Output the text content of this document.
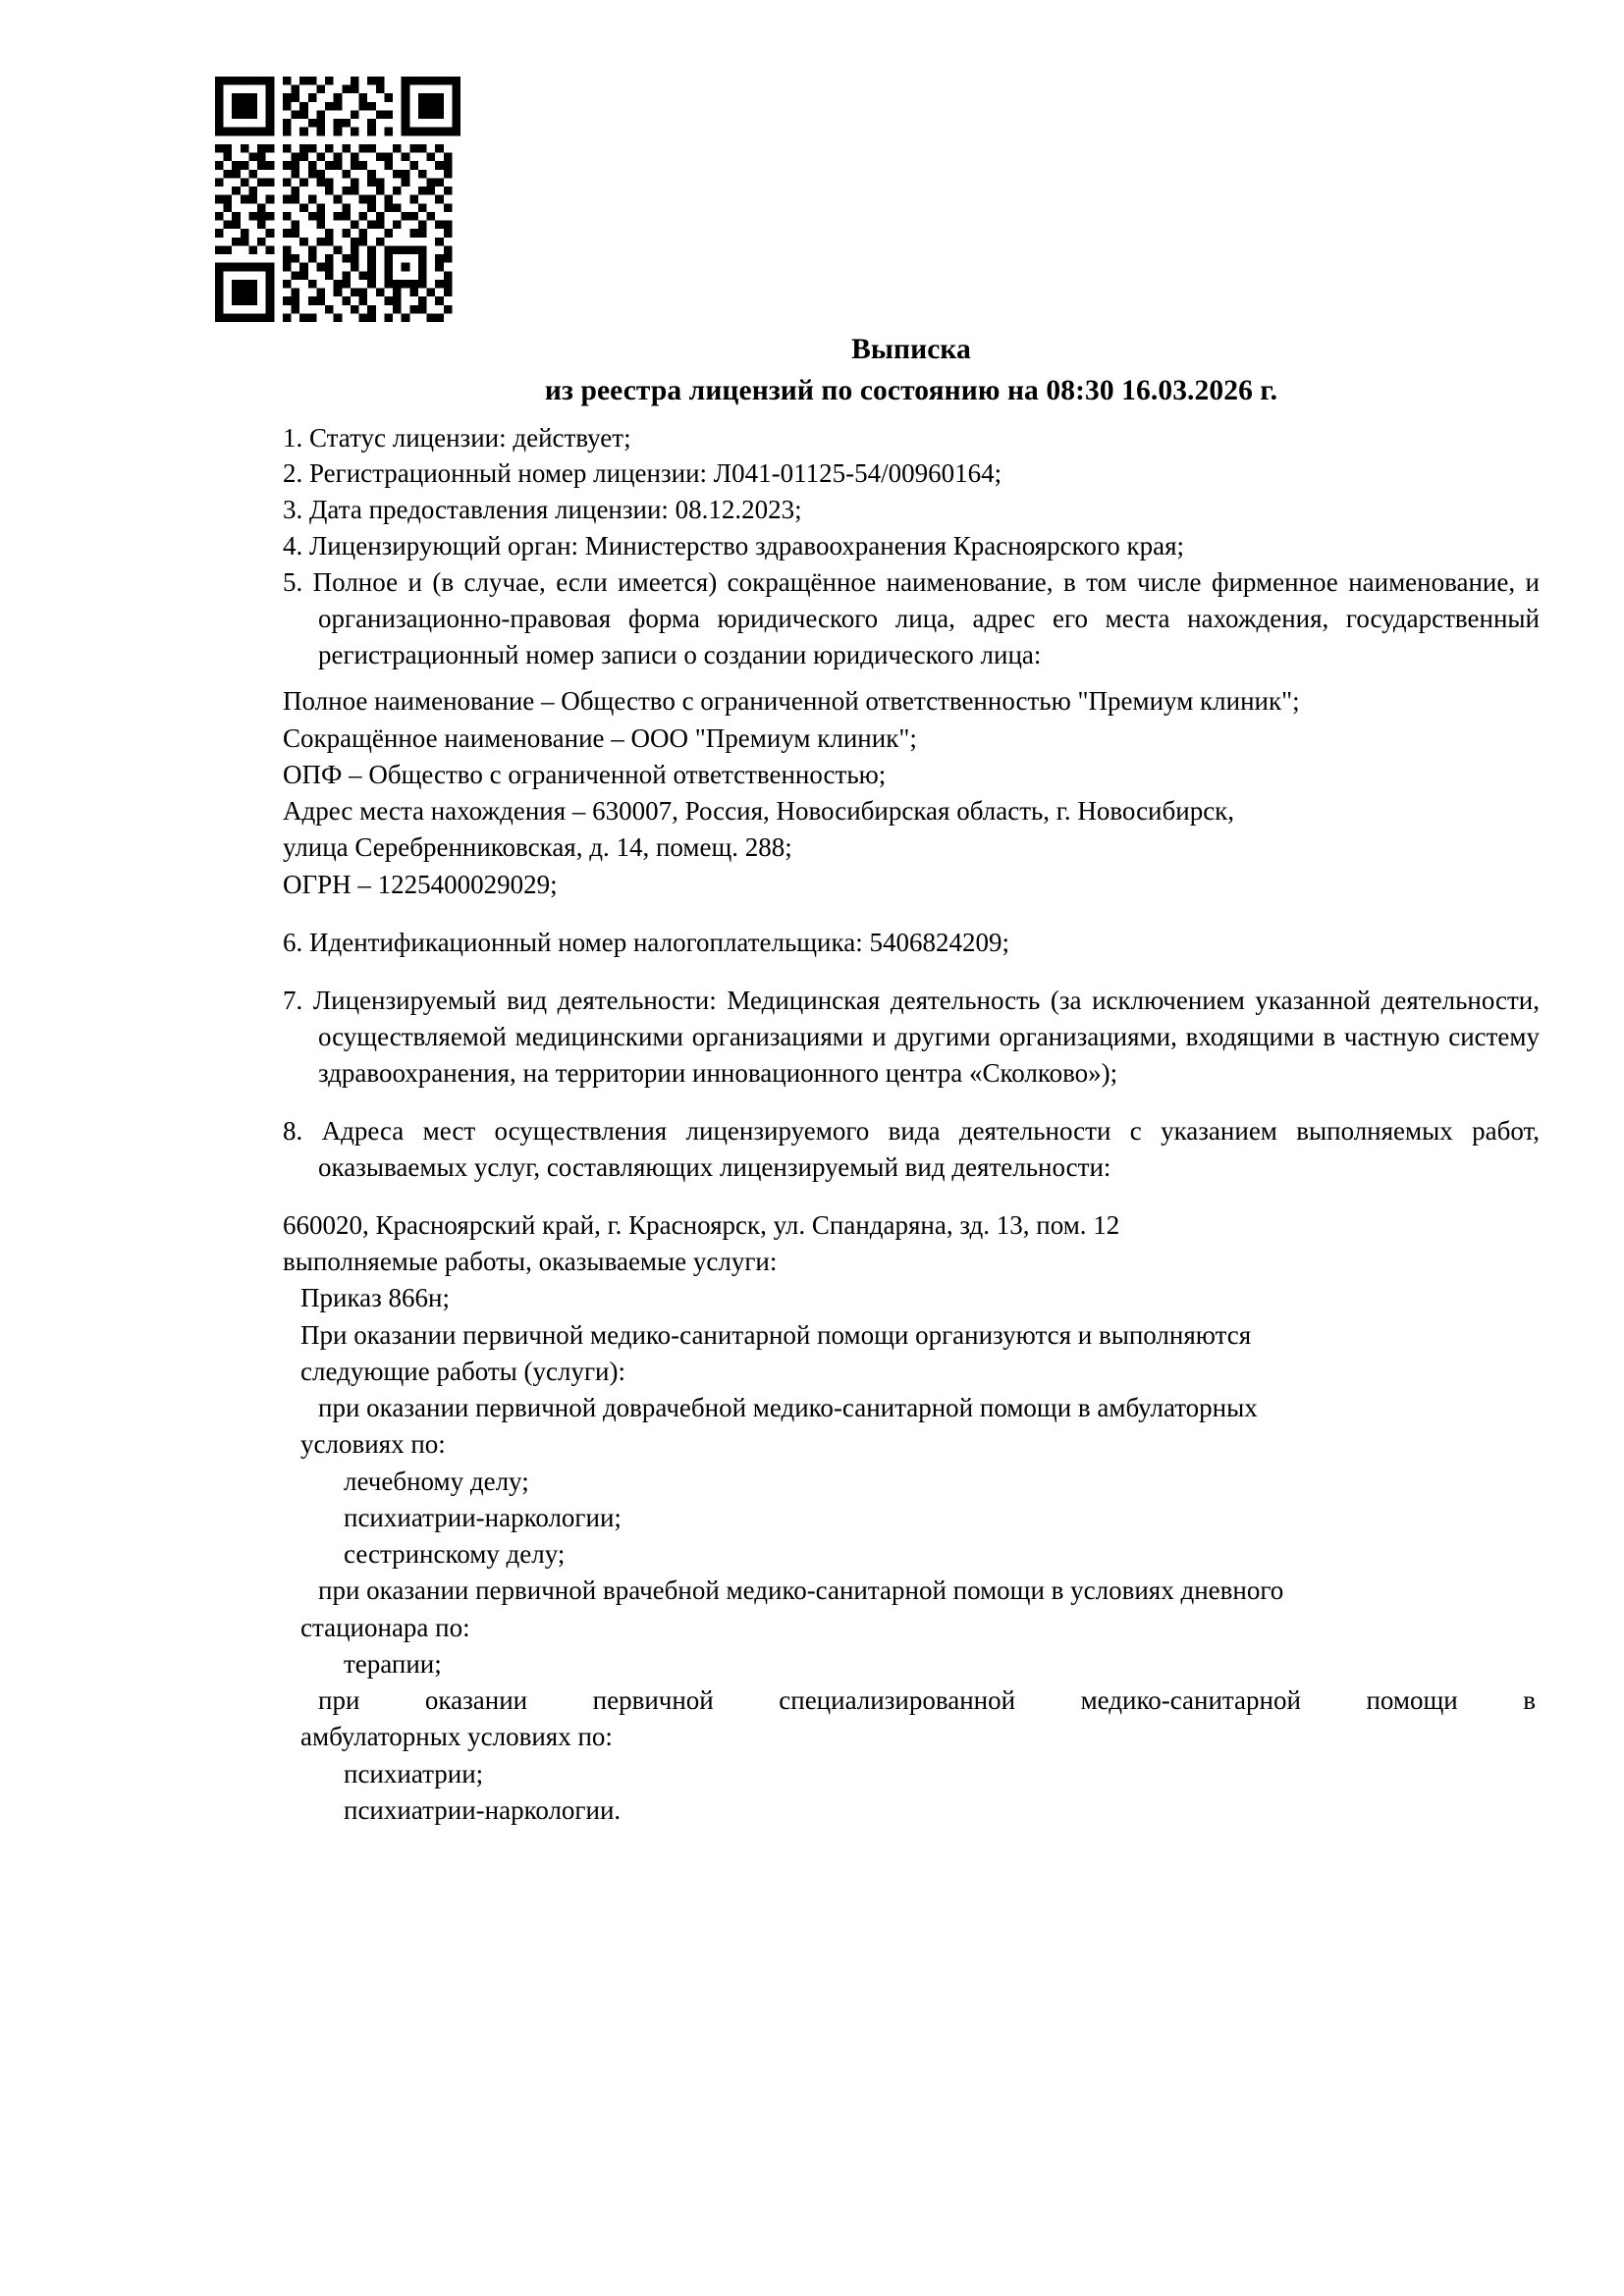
Выписка

из реестра лицензий по состоянию на 08:30 16.03.2026 г.

1. Статус лицензии: действует;

2. Регистрационный номер лицензии: Л041-01125-54/00960164;

3. Дата предоставления лицензии: 08.12.2023;

4. Лицензирующий орган: Министерство здравоохранения Красноярского края;

5. Полное и (в случае, если имеется) сокращённое наименование, в том числе фирменное наименование, и организационно-правовая форма юридического лица, адрес его места нахождения, государственный регистрационный номер записи о создании юридического лица:

Полное наименование – Общество с ограниченной ответственностью "Премиум клиник";

Сокращённое наименование – ООО "Премиум клиник";

ОПФ – Общество с ограниченной ответственностью;

Адрес места нахождения – 630007, Россия, Новосибирская область, г. Новосибирск,

улица Серебренниковская, д. 14, помещ. 288;

ОГРН – 1225400029029;

6. Идентификационный номер налогоплательщика: 5406824209;

7. Лицензируемый вид деятельности: Медицинская деятельность (за исключением указанной деятельности, осуществляемой медицинскими организациями и другими организациями, входящими в частную систему здравоохранения, на территории инновационного центра «Сколково»);

8. Адреса мест осуществления лицензируемого вида деятельности с указанием выполняемых работ, оказываемых услуг, составляющих лицензируемый вид деятельности:

660020, Красноярский край, г. Красноярск, ул. Спандаряна, зд. 13, пом. 12

выполняемые работы, оказываемые услуги:

Приказ 866н;

При оказании первичной медико-санитарной помощи организуются и выполняются

следующие работы (услуги):

при оказании первичной доврачебной медико-санитарной помощи в амбулаторных

условиях по:

лечебному делу;

психиатрии-наркологии;

сестринскому делу;

при оказании первичной врачебной медико-санитарной помощи в условиях дневного

стационара по:

терапии;

при оказании первичной специализированной медико-санитарной помощи в

амбулаторных условиях по:

психиатрии;

психиатрии-наркологии.
